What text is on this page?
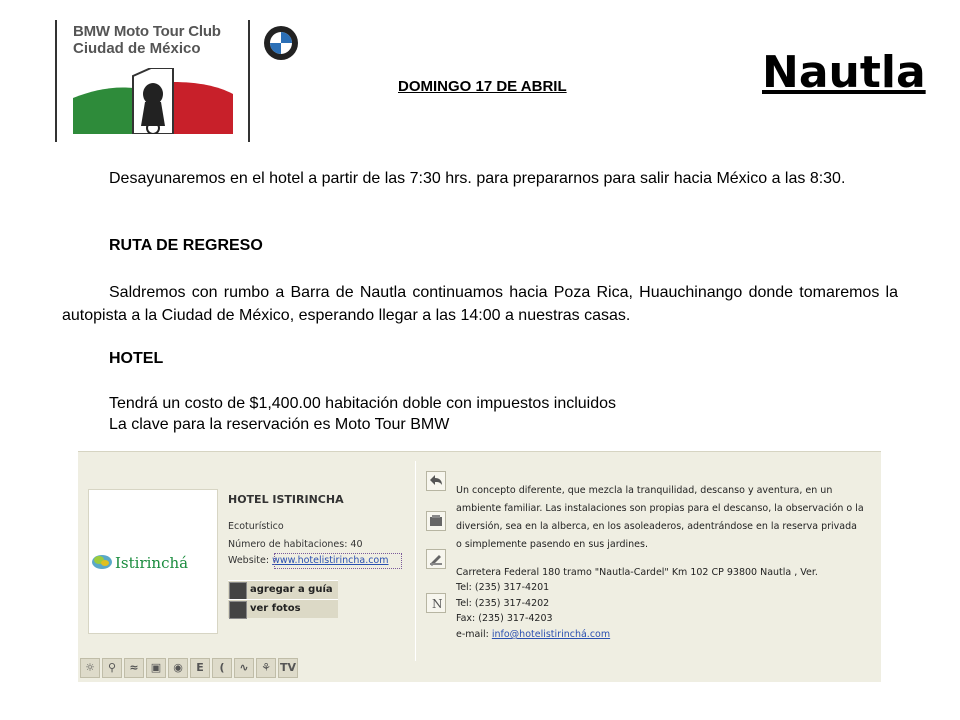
BMW Moto Tour Club
Ciudad de México
DOMINGO 17 DE ABRIL	Nautla
Desayunaremos en el hotel a partir de las 7:30 hrs. para prepararnos para salir hacia México a las 8:30.
RUTA DE REGRESO
Saldremos con rumbo a Barra de Nautla continuamos hacia Poza Rica, Huauchinango donde tomaremos la autopista a la Ciudad de México, esperando llegar a las 14:00 a nuestras casas.
HOTEL
Tendrá un costo de $1,400.00 habitación doble con impuestos incluidos
La clave para la reservación es Moto Tour BMW
Istirinchá
HOTEL ISTIRINCHA
Ecoturístico
Número de habitaciones: 40
Website: www.hotelistirincha.com
agregar a guía
ver fotos	N
Un concepto diferente, que mezcla la tranquilidad, descanso y aventura, en un
ambiente familiar. Las instalaciones son propias para el descanso, la observación o la
diversión, sea en la alberca, en los asoleaderos, adentrándose en la reserva privada
o simplemente pasendo en sus jardines.
Carretera Federal 180 tramo "Nautla-Cardel" Km 102 CP 93800 Nautla , Ver.
Tel: (235) 317-4201
Tel: (235) 317-4202
Fax: (235) 317-4203
e-mail: info@hotelistirinchá.com
☼	⚲	≈	▣	◉	E	(	∿	⚘ TV
